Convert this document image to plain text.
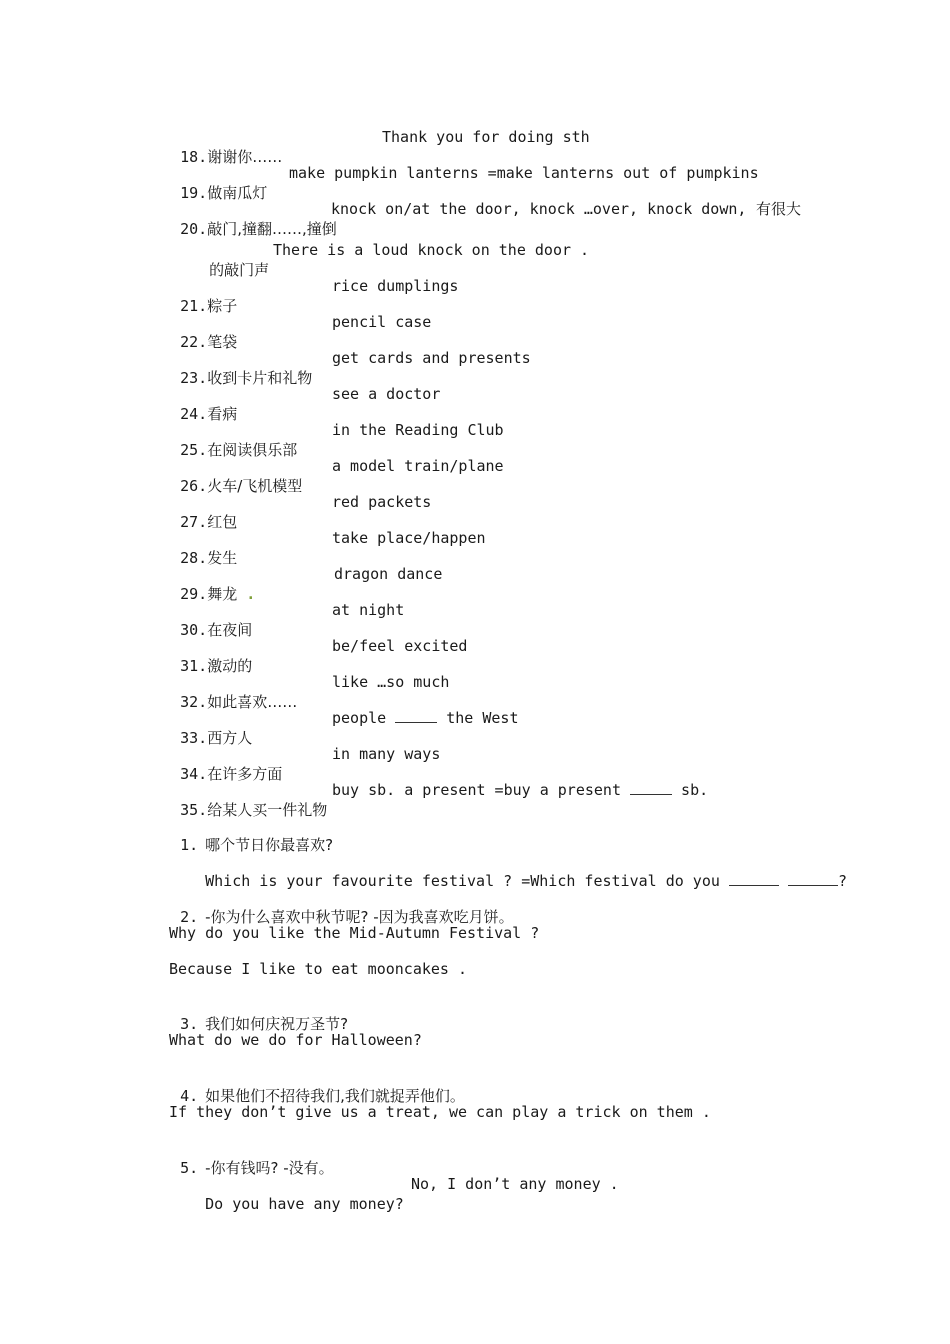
18.谢谢你……

Thank you for doing sth

19.做南瓜灯

make pumpkin lanterns =make lanterns out of pumpkins

20.敲门,撞翻……,撞倒

knock on/at the door, knock …over, knock down,

有很大

的敲门声

There is a loud knock on the door .

21.粽子

rice dumplings

22.笔袋

pencil case

23.收到卡片和礼物

get cards and presents

24.看病

see a doctor

25.在阅读俱乐部

in the Reading Club

26.火车/飞机模型

a model train/plane

27.红包

red packets

28.发生

take place/happen

29.舞龙 .

dragon dance

30.在夜间

at night

31.激动的

be/feel excited

32.如此喜欢……

like …so much

33.西方人

people	the West

34.在许多方面

in many ways

35.给某人买一件礼物

buy sb. a present =buy a present	sb.

1. 哪个节日你最喜欢?

Which is your favourite festival ? =Which festival do you	?

2. -你为什么喜欢中秋节呢? -因为我喜欢吃月饼。

Why do you like the Mid-Autumn Festival ?
Because I like to eat mooncakes .

3. 我们如何庆祝万圣节?

What do we do for Halloween?

4. 如果他们不招待我们,我们就捉弄他们。

If they don’t give us a treat, we can play a trick on them .

5. -你有钱吗? -没有。

Do you have any money?

No, I don’t any money .
